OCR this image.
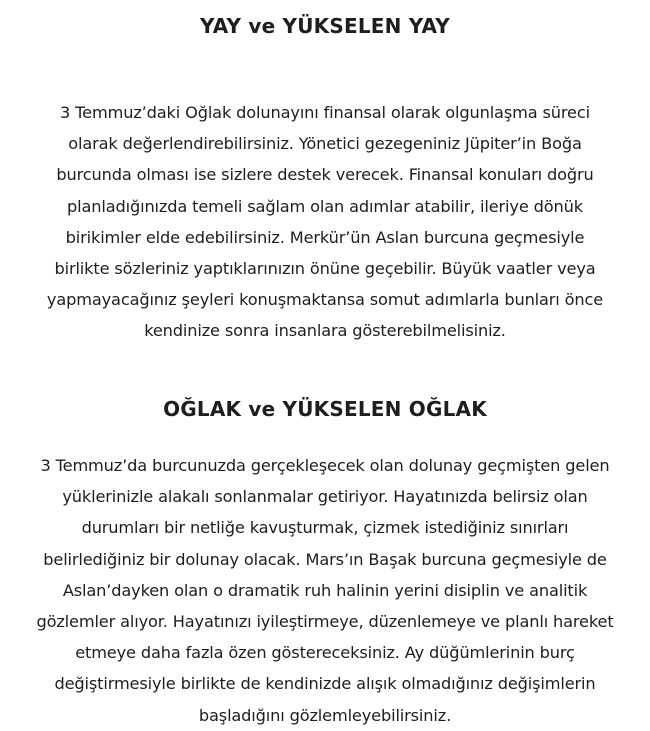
YAY ve YÜKSELEN YAY

3 Temmuz’daki Oğlak dolunayını finansal olarak olgunlaşma süreci
olarak değerlendirebilirsiniz. Yönetici gezegeniniz Jüpiter’in Boğa
burcunda olması ise sizlere destek verecek. Finansal konuları doğru
planladığınızda temeli sağlam olan adımlar atabilir, ileriye dönük
birikimler elde edebilirsiniz. Merkür’ün Aslan burcuna geçmesiyle
birlikte sözleriniz yaptıklarınızın önüne geçebilir. Büyük vaatler veya
yapmayacağınız şeyleri konuşmaktansa somut adımlarla bunları önce
kendinize sonra insanlara gösterebilmelisiniz.

OĞLAK ve YÜKSELEN OĞLAK

3 Temmuz’da burcunuzda gerçekleşecek olan dolunay geçmişten gelen
yüklerinizle alakalı sonlanmalar getiriyor. Hayatınızda belirsiz olan
durumları bir netliğe kavuşturmak, çizmek istediğiniz sınırları
belirlediğiniz bir dolunay olacak. Mars’ın Başak burcuna geçmesiyle de
Aslan’dayken olan o dramatik ruh halinin yerini disiplin ve analitik
gözlemler alıyor. Hayatınızı iyileştirmeye, düzenlemeye ve planlı hareket
etmeye daha fazla özen göstereceksiniz. Ay düğümlerinin burç
değiştirmesiyle birlikte de kendinizde alışık olmadığınız değişimlerin
başladığını gözlemleyebilirsiniz.
